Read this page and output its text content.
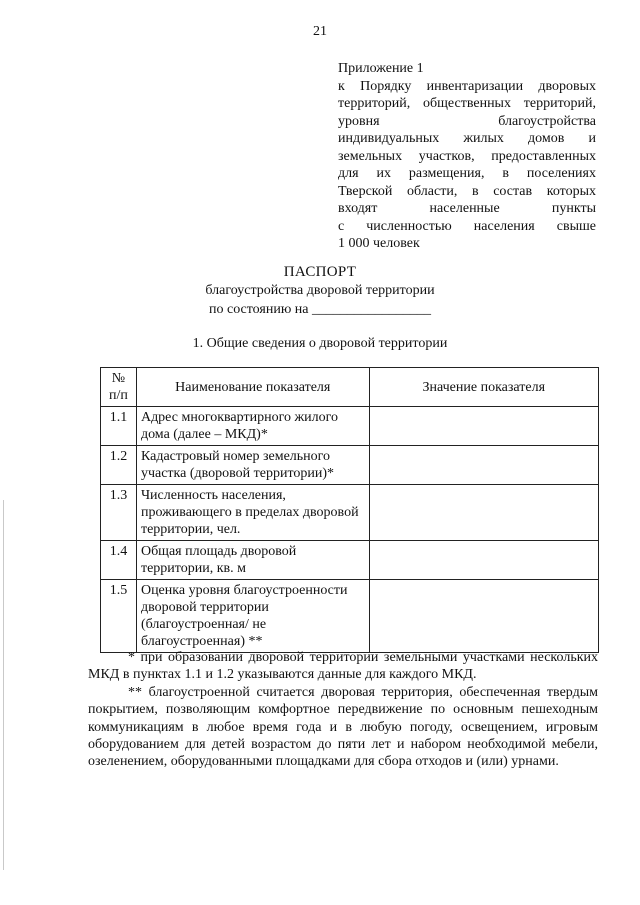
21
Приложение 1
к Порядку инвентаризации дворовых
территорий, общественных территорий,
уровня благоустройства
индивидуальных жилых домов и
земельных участков, предоставленных
для их размещения, в поселениях
Тверской области, в состав которых
входят населенные пункты
с численностью населения свыше
1 000 человек
ПАСПОРТ
благоустройства дворовой территории
по состоянию на _________________
1. Общие сведения о дворовой территории
№ п/п	Наименование показателя	Значение показателя
1.1	Адрес многоквартирного жилого дома (далее – МКД)*	
1.2	Кадастровый номер земельного участка (дворовой территории)*	
1.3	Численность населения, проживающего в пределах дворовой территории, чел.	
1.4	Общая площадь дворовой территории, кв. м	
1.5	Оценка уровня благоустроенности дворовой территории (благоустроенная/ не благоустроенная) **	

* при образовании дворовой территории земельными участками нескольких МКД в пунктах 1.1 и 1.2 указываются данные для каждого МКД.

** благоустроенной считается дворовая территория, обеспеченная твердым покрытием, позволяющим комфортное передвижение по основным пешеходным коммуникациям в любое время года и в любую погоду, освещением, игровым оборудованием для детей возрастом до пяти лет и набором необходимой мебели, озеленением, оборудованными площадками для сбора отходов и (или) урнами.
